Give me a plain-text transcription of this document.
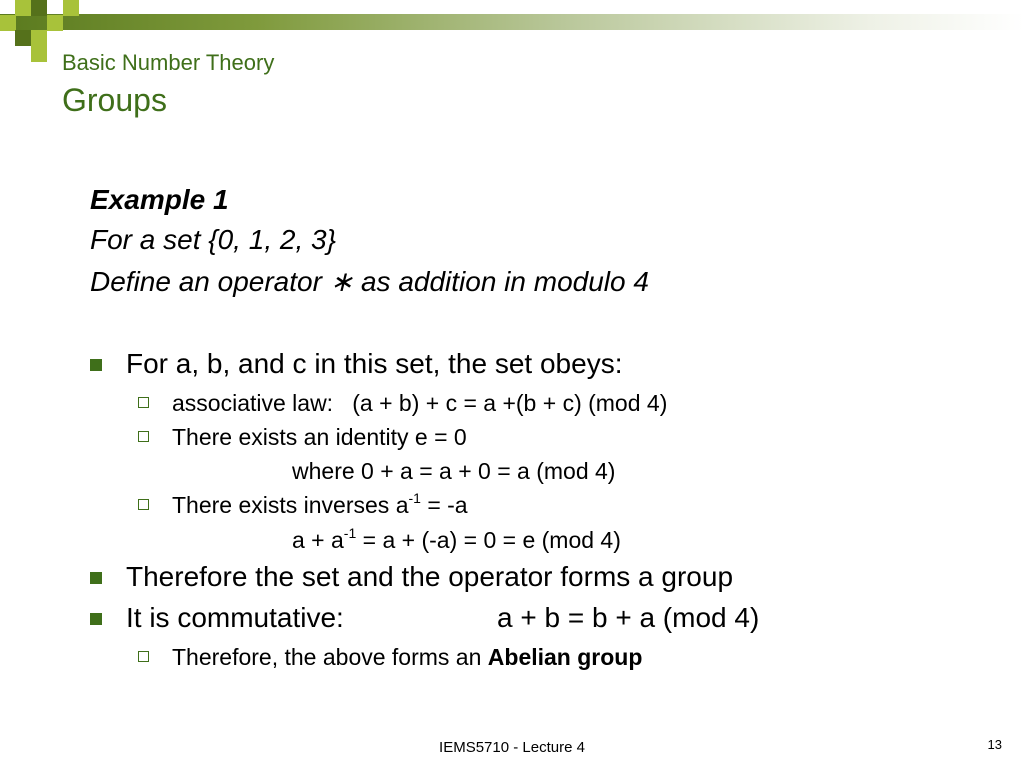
Basic Number Theory
Groups
Example 1
For a set {0, 1, 2, 3}
Define an operator ∗ as addition in modulo 4
For a, b, and c in this set, the set obeys:
associative law: (a + b) + c = a +(b + c) (mod 4)
There exists an identity e = 0
where 0 + a = a + 0 = a (mod 4)
There exists inverses $a^{-1} = -a$
$a + a^{-1} = a + (-a) = 0 = e$ (mod 4)
Therefore the set and the operator forms a group
It is commutative:	a + b = b + a (mod 4)
Therefore, the above forms an Abelian group
IEMS5710 - Lecture 4	13
